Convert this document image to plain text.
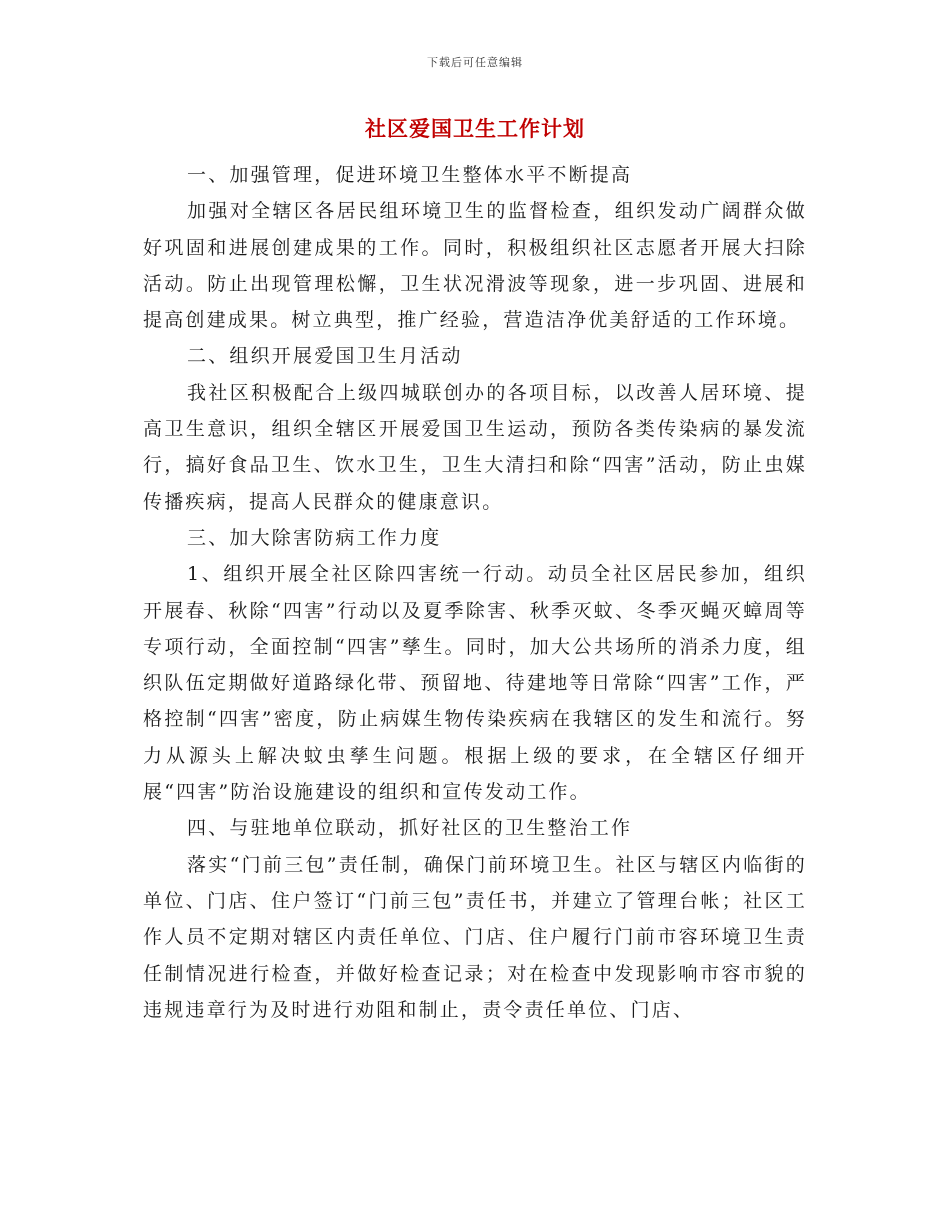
下载后可任意编辑
社区爱国卫生工作计划

一、加强管理，促进环境卫生整体水平不断提高

加强对全辖区各居民组环境卫生的监督检查，组织发动广阔群众做好巩固和进展创建成果的工作。同时，积极组织社区志愿者开展大扫除活动。防止出现管理松懈，卫生状况滑波等现象，进一步巩固、进展和提高创建成果。树立典型，推广经验，营造洁净优美舒适的工作环境。

二、组织开展爱国卫生月活动

我社区积极配合上级四城联创办的各项目标，以改善人居环境、提高卫生意识，组织全辖区开展爱国卫生运动，预防各类传染病的暴发流行，搞好食品卫生、饮水卫生，卫生大清扫和除“四害”活动，防止虫媒传播疾病，提高人民群众的健康意识。

三、加大除害防病工作力度

1、组织开展全社区除四害统一行动。动员全社区居民参加，组织开展春、秋除“四害”行动以及夏季除害、秋季灭蚊、冬季灭蝇灭蟑周等专项行动，全面控制“四害”孳生。同时，加大公共场所的消杀力度，组织队伍定期做好道路绿化带、预留地、待建地等日常除“四害”工作，严格控制“四害”密度，防止病媒生物传染疾病在我辖区的发生和流行。努力从源头上解决蚊虫孳生问题。根据上级的要求，在全辖区仔细开展“四害”防治设施建设的组织和宣传发动工作。

四、与驻地单位联动，抓好社区的卫生整治工作

落实“门前三包”责任制，确保门前环境卫生。社区与辖区内临街的单位、门店、住户签订“门前三包”责任书，并建立了管理台帐；社区工作人员不定期对辖区内责任单位、门店、住户履行门前市容环境卫生责任制情况进行检查，并做好检查记录；对在检查中发现影响市容市貌的违规违章行为及时进行劝阻和制止，责令责任单位、门店、
